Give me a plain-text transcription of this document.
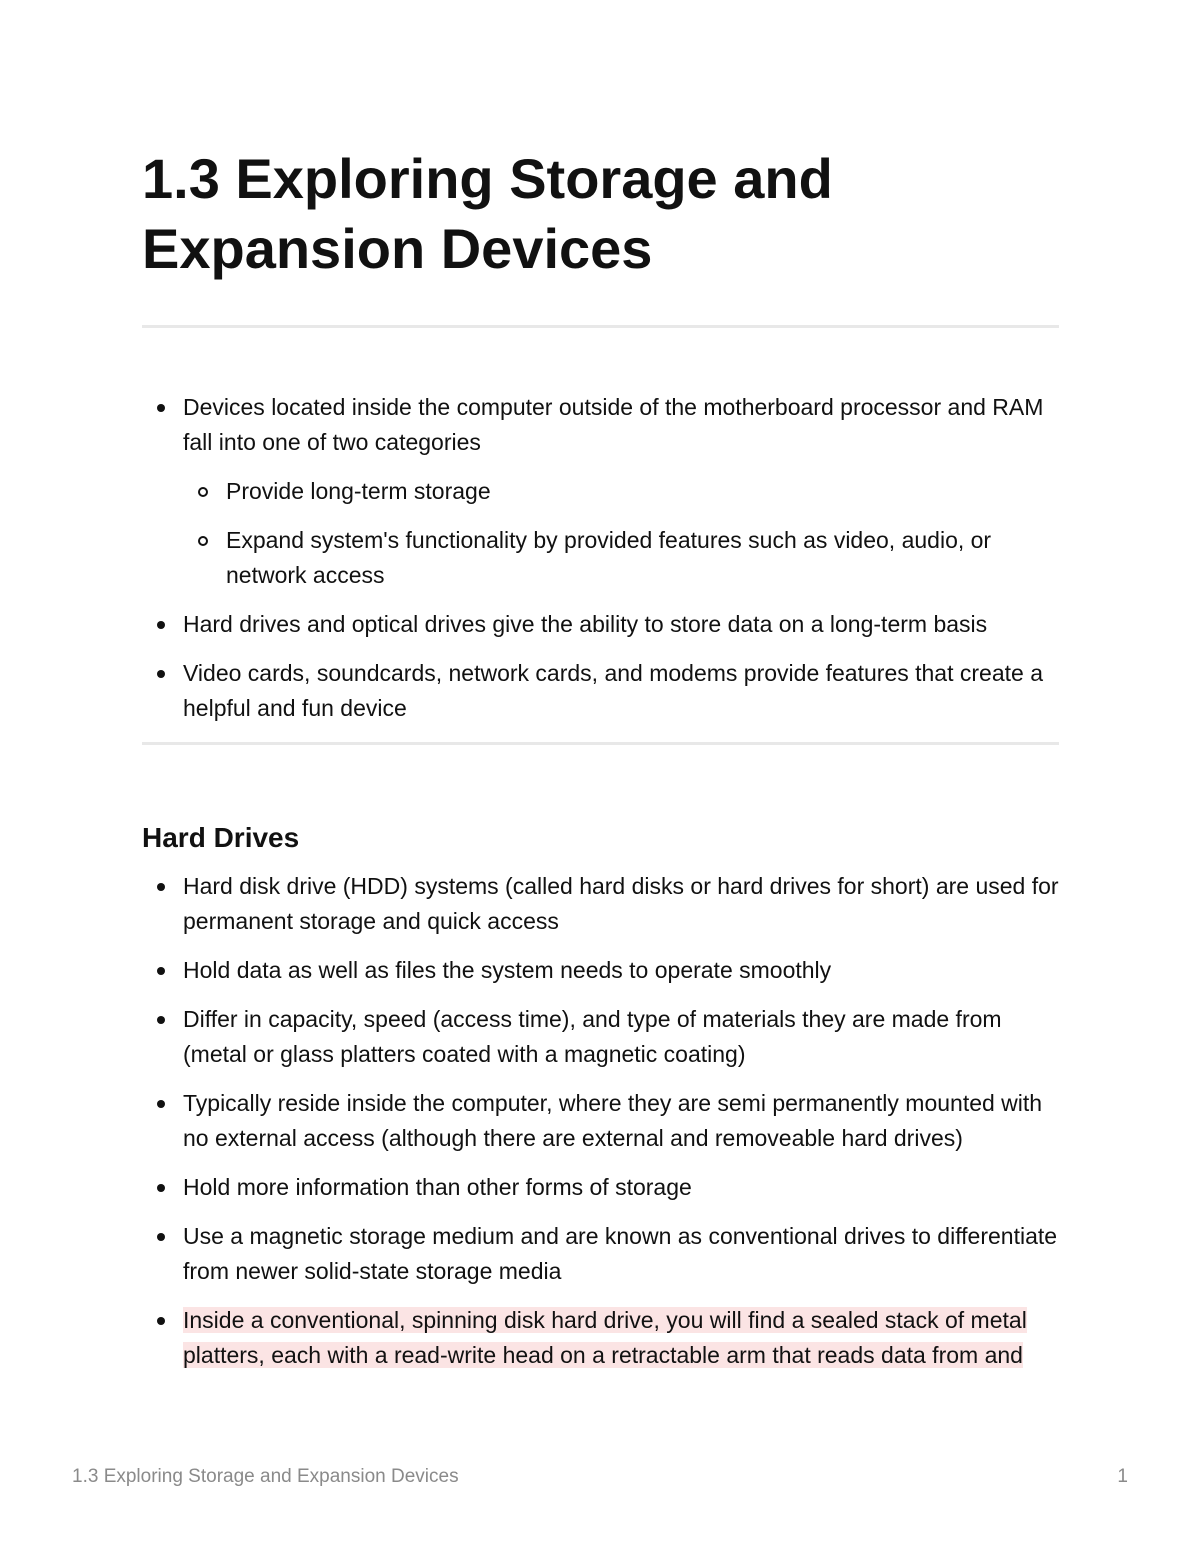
1.3 Exploring Storage and Expansion Devices
Devices located inside the computer outside of the motherboard processor and RAM fall into one of two categories
Provide long-term storage
Expand system's functionality by provided features such as video, audio, or network access
Hard drives and optical drives give the ability to store data on a long-term basis
Video cards, soundcards, network cards, and modems provide features that create a helpful and fun device
Hard Drives
Hard disk drive (HDD) systems (called hard disks or hard drives for short) are used for permanent storage and quick access
Hold data as well as files the system needs to operate smoothly
Differ in capacity, speed (access time), and type of materials they are made from (metal or glass platters coated with a magnetic coating)
Typically reside inside the computer, where they are semi permanently mounted with no external access (although there are external and removeable hard drives)
Hold more information than other forms of storage
Use a magnetic storage medium and are known as conventional drives to differentiate from newer solid-state storage media
Inside a conventional, spinning disk hard drive, you will find a sealed stack of metal platters, each with a read-write head on a retractable arm that reads data from and
1.3 Exploring Storage and Expansion Devices	1
